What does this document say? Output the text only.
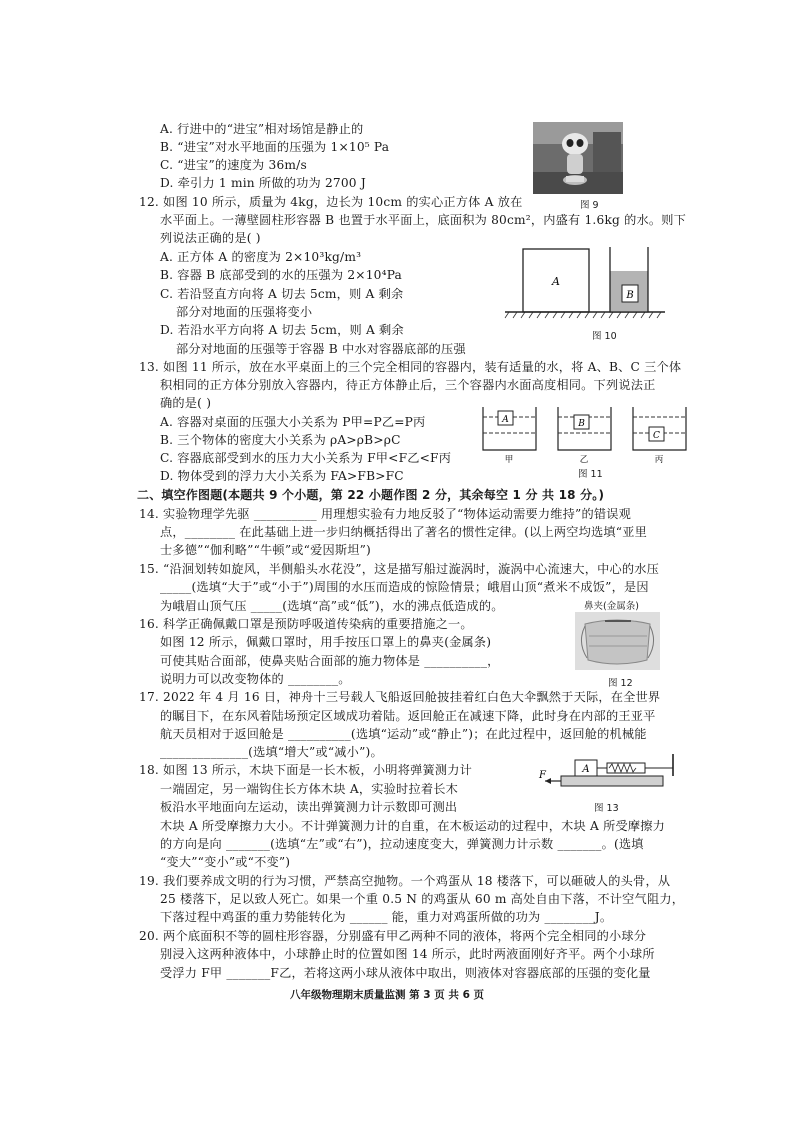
A. 行进中的“进宝”相对场馆是静止的
B. “进宝”对水平地面的压强为 1×10⁵ Pa
C. “进宝”的速度为 36m/s
D. 牵引力 1 min 所做的功为 2700 J
12. 如图 10 所示，质量为 4kg，边长为 10cm 的实心正方体 A 放在
水平面上。一薄壁圆柱形容器 B 也置于水平面上，底面积为 80cm²，内盛有 1.6kg 的水。则下
列说法正确的是( )
A. 正方体 A 的密度为 2×10³kg/m³
B. 容器 B 底部受到的水的压强为 2×10⁴Pa
C. 若沿竖直方向将 A 切去 5cm，则 A 剩余
部分对地面的压强将变小
D. 若沿水平方向将 A 切去 5cm，则 A 剩余
部分对地面的压强等于容器 B 中水对容器底部的压强
13. 如图 11 所示，放在水平桌面上的三个完全相同的容器内，装有适量的水，将 A、B、C 三个体
积相同的正方体分别放入容器内，待正方体静止后，三个容器内水面高度相同。下列说法正
确的是( )
A. 容器对桌面的压强大小关系为 P甲=P乙=P丙
B. 三个物体的密度大小关系为 ρA>ρB>ρC
C. 容器底部受到水的压力大小关系为 F甲<F乙<F丙
D. 物体受到的浮力大小关系为 FA>FB>FC
二、填空作图题(本题共 9 个小题，第 22 小题作图 2 分，其余每空 1 分 共 18 分。)
14. 实验物理学先驱 __________ 用理想实验有力地反驳了“物体运动需要力维持”的错误观
点，________ 在此基础上进一步归纳概括得出了著名的惯性定律。(以上两空均选填“亚里
士多德”“伽利略”“牛顿”或“爱因斯坦”)
15. “沿洄划转如旋风，半侧船头水花没”，这是描写船过漩涡时，漩涡中心流速大，中心的水压
_____(选填“大于”或“小于”)周围的水压而造成的惊险情景；峨眉山顶“煮米不成饭”，是因
为峨眉山顶气压 _____(选填“高”或“低”)，水的沸点低造成的。
16. 科学正确佩戴口罩是预防呼吸道传染病的重要措施之一。
如图 12 所示，佩戴口罩时，用手按压口罩上的鼻夹(金属条)
可使其贴合面部，使鼻夹贴合面部的施力物体是 __________，
说明力可以改变物体的 ________。
17. 2022 年 4 月 16 日，神舟十三号载人飞船返回舱披挂着红白色大伞飘然于天际，在全世界
的瞩目下，在东风着陆场预定区域成功着陆。返回舱正在减速下降，此时身在内部的王亚平
航天员相对于返回舱是 __________(选填“运动”或“静止”)；在此过程中，返回舱的机械能
______________(选填“增大”或“减小”)。
18. 如图 13 所示，木块下面是一长木板，小明将弹簧测力计
一端固定，另一端钩住长方体木块 A，实验时拉着长木
板沿水平地面向左运动，读出弹簧测力计示数即可测出
木块 A 所受摩擦力大小。不计弹簧测力计的自重，在木板运动的过程中，木块 A 所受摩擦力
的方向是向 _______(选填“左”或“右”)，拉动速度变大，弹簧测力计示数 _______。(选填
“变大”“变小”或“不变”)
19. 我们要养成文明的行为习惯，严禁高空抛物。一个鸡蛋从 18 楼落下，可以砸破人的头骨，从
25 楼落下，足以致人死亡。如果一个重 0.5 N 的鸡蛋从 60 m 高处自由下落，不计空气阻力，
下落过程中鸡蛋的重力势能转化为 ______ 能，重力对鸡蛋所做的功为 ________J。
20. 两个底面积不等的圆柱形容器，分别盛有甲乙两种不同的液体，将两个完全相同的小球分
别浸入这两种液体中，小球静止时的位置如图 14 所示，此时两液面刚好齐平。两个小球所
受浮力 F甲 _______F乙，若将这两小球从液体中取出，则液体对容器底部的压强的变化量
图 9
A
B
图 10
A	B
C
甲	乙	丙
图 11
鼻夹(金属条)
图 12
A
F
图 13
八年级物理期末质量监测 第 3 页 共 6 页
